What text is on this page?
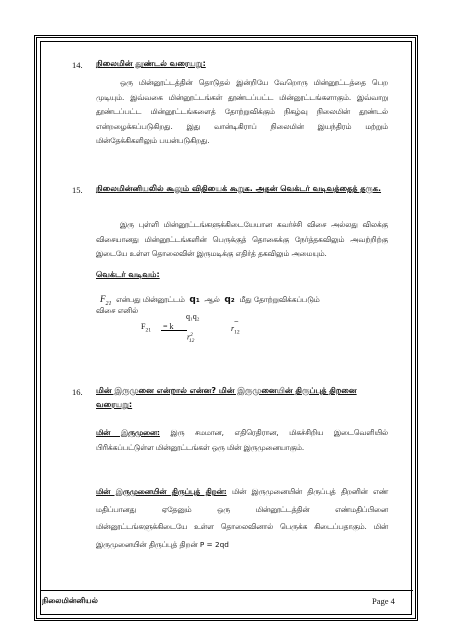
14. நிலைமின் தூண்டல் வரையறு:
ஒரு மின்னூட்டத்தின் தொடுதல் இன்றியே வேறொரு மின்னூட்டத்தை பெற முடியும். இவ்வகை மின்னூட்டங்கள் தூண்டப்பட்ட மின்னூட்டங்களாகும். இவ்வாறு தூண்டப்பட்ட மின்னூட்டங்களைத் தோற்றுவிக்கும் நிகழ்வு நிலைமின் தூண்டல் என்றழைக்கப்படுகிறது. இது வான்டிகிராப் நிலைமின் இயந்திரம் மற்றும் மின்தேக்கிகளிலும் பயன்படுகிறது.
15. நிலைமின்னியலில் கூலும் விதியைக் கூறுக. அதன் வெக்டர் வடிவத்தைத் தருக.
இரு புள்ளி மின்னூட்டங்களுக்கிடையேயான கவர்ச்சி விசை அல்லது விலக்கு விசையானது மின்னூட்டங்களின் பெருக்குத் தொகைக்கு நேர்த்தகவிலும் அவற்றிற்கு இடையே உள்ள தொலைவின் இருமடிக்கு எதிர்த் தகவிலும் அமையும்.
வெக்டர் வடிவம்:
$F_{21}$ என்பது மின்னூட்டம் q₁ ஆல் q₂ மீது தோற்றுவிக்கப்படும்
விசை எனில்
$F_{21} = k$
q₁q₂
$r^2_{12}$
⌢
$r_{12}$
16. மின் இருமுனை என்றால் என்ன? மின் இருமுனையின் திருப்புத் திறனை வரையறு:
மின் இருமுனை: இரு சமமான, எதிரெதிரான, மிகச்சிறிய இடைவெளியில் பிரிக்கப்பட்டுள்ள மின்னூட்டங்கள் ஒரு மின் இருமுனையாகும்.
மின் இருமுனையின் திருப்புத் திறன்: மின் இருமுனையின் திருப்புத் திறனின் எண் மதிப்பானது ஏதேனும் ஒரு மின்னூட்டத்தின் எண்மதிப்பினை மின்னூட்டங்களுக்கிடையே உள்ள தொலைவினால் பெருக்க கிடைப்பதாகும். மின் இருமுனையின் திருப்புத் திறன் P = 2qd
நிலைமின்னியல்	Page 4
